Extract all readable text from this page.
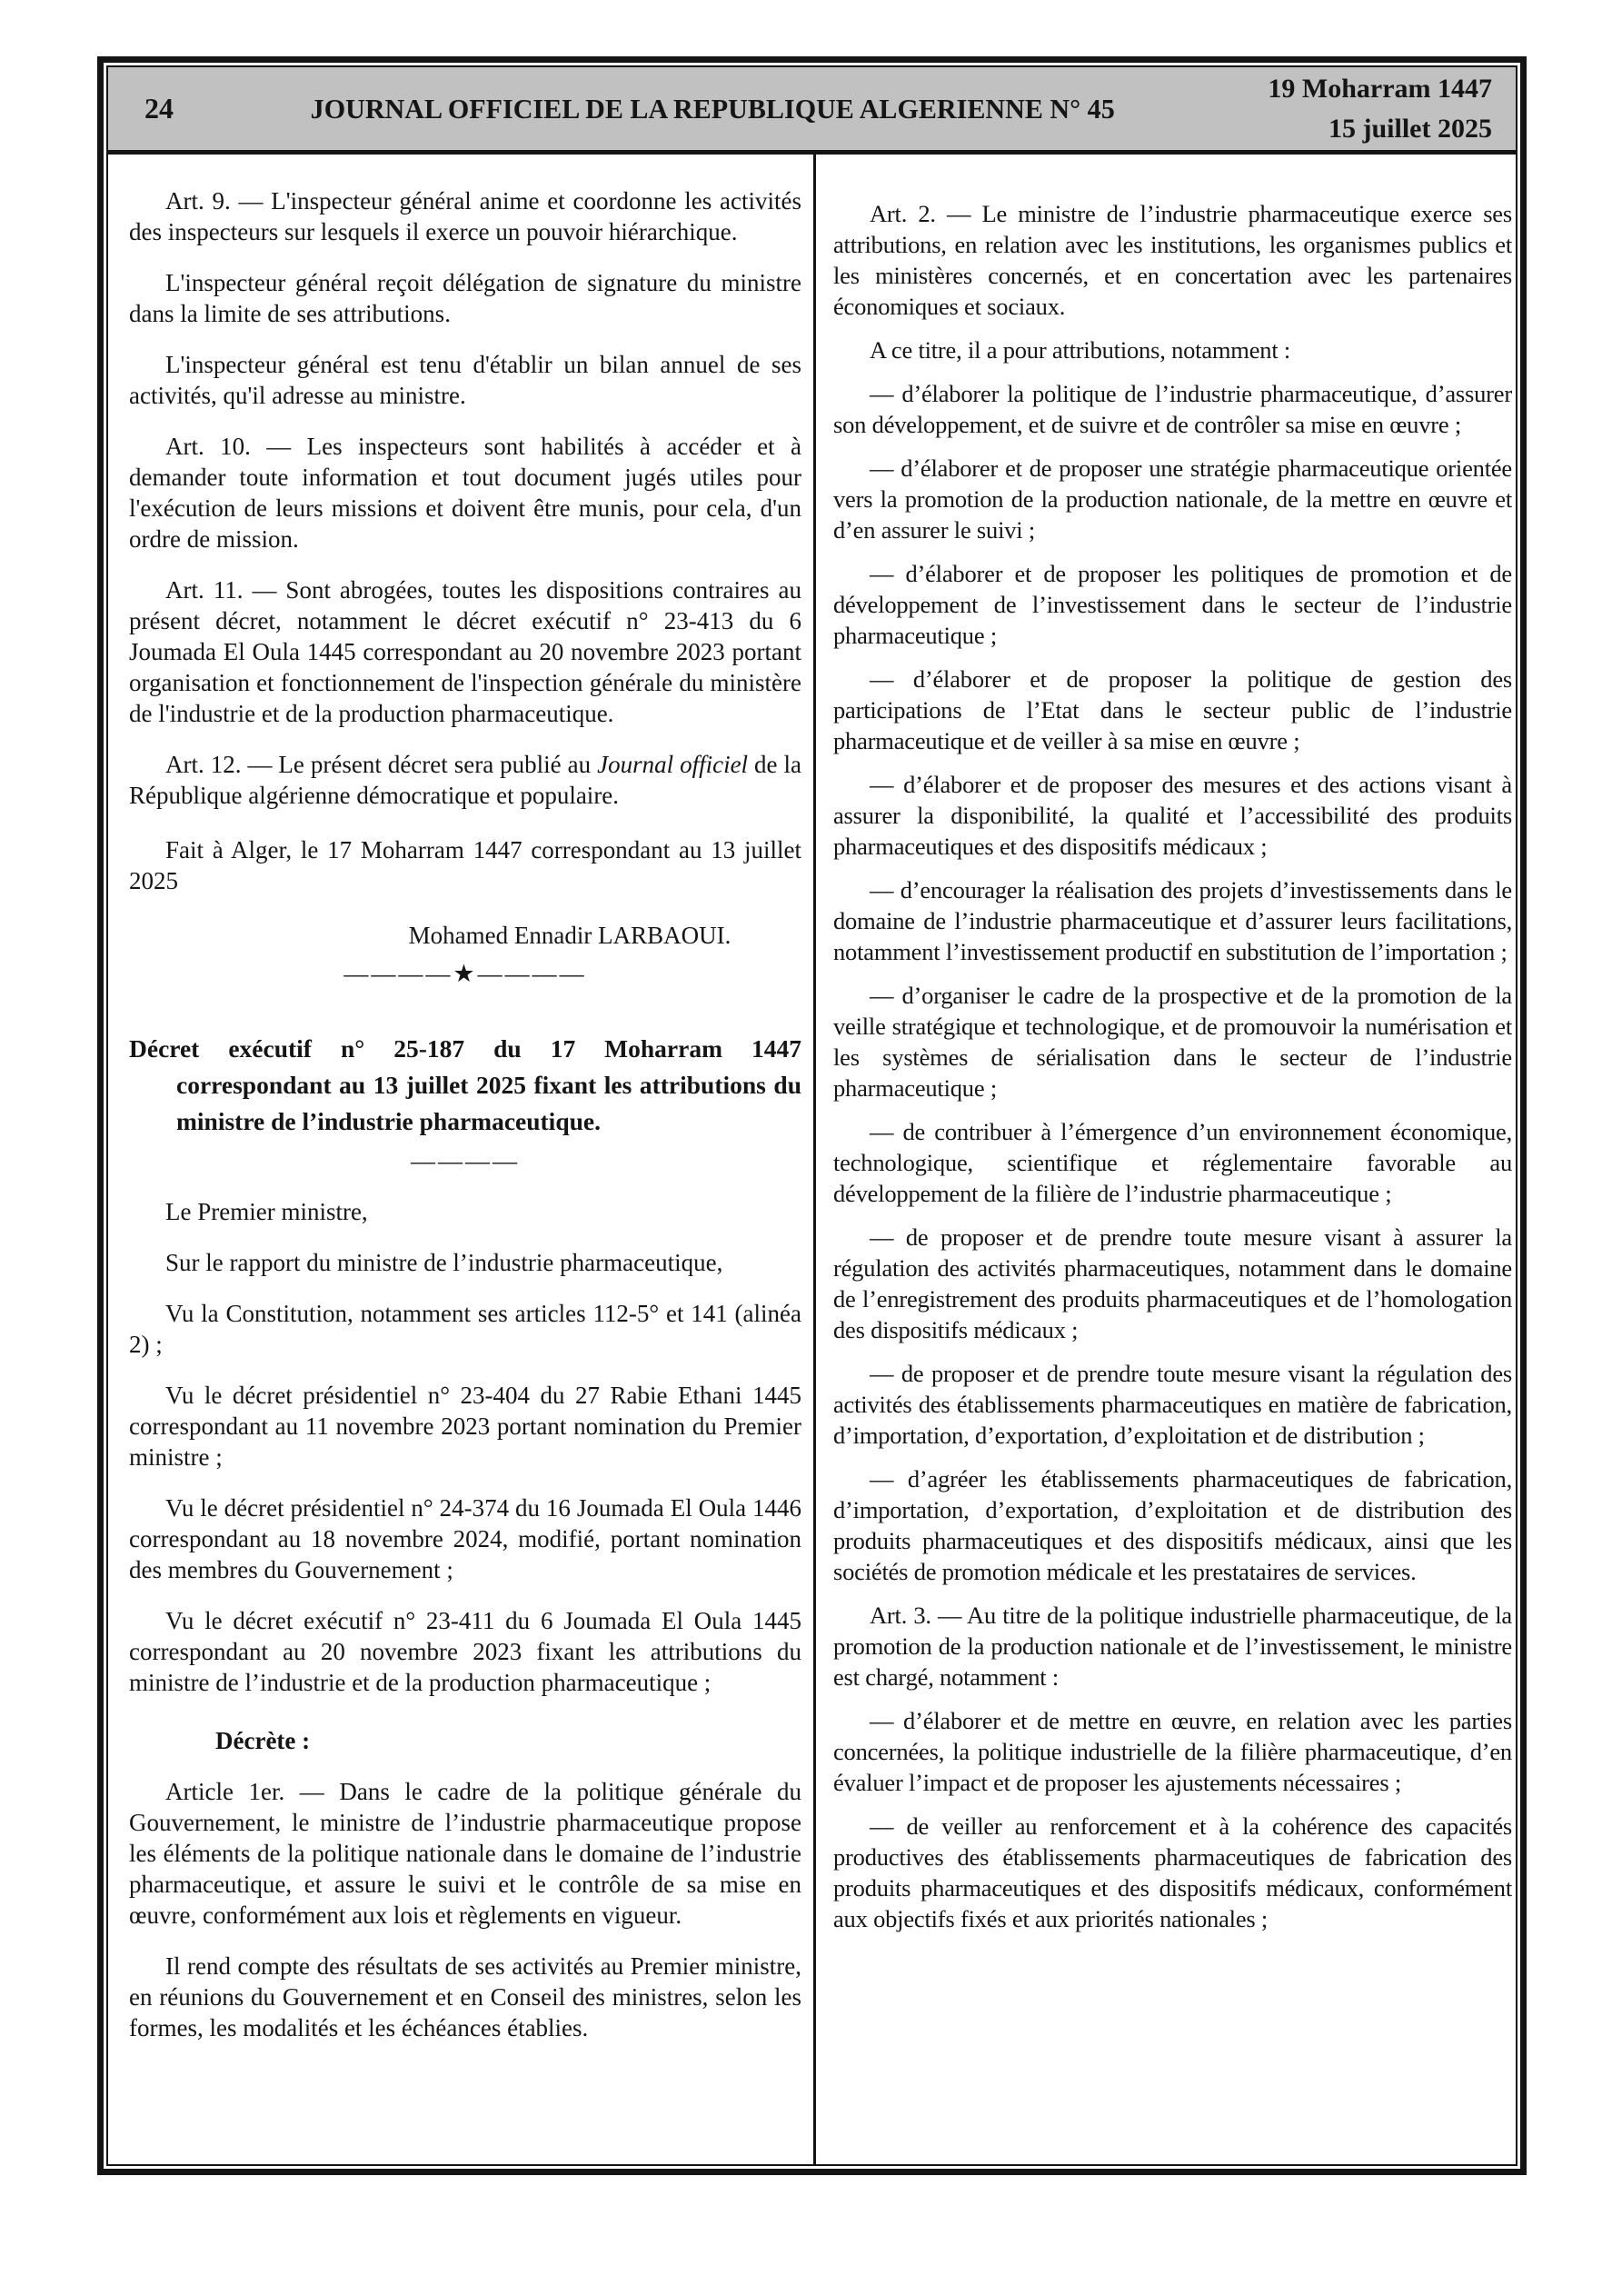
24	JOURNAL OFFICIEL DE LA REPUBLIQUE ALGERIENNE N° 45
19 Moharram 1447
15 juillet 2025

Art. 9. — L'inspecteur général anime et coordonne les activités des inspecteurs sur lesquels il exerce un pouvoir hiérarchique.

L'inspecteur général reçoit délégation de signature du ministre dans la limite de ses attributions.

L'inspecteur général est tenu d'établir un bilan annuel de ses activités, qu'il adresse au ministre.

Art. 10. — Les inspecteurs sont habilités à accéder et à demander toute information et tout document jugés utiles pour l'exécution de leurs missions et doivent être munis, pour cela, d'un ordre de mission.

Art. 11. — Sont abrogées, toutes les dispositions contraires au présent décret, notamment le décret exécutif n° 23-413 du 6 Joumada El Oula 1445 correspondant au 20 novembre 2023 portant organisation et fonctionnement de l'inspection générale du ministère de l'industrie et de la production pharmaceutique.

Art. 12. — Le présent décret sera publié au Journal officiel de la République algérienne démocratique et populaire.

Fait à Alger, le 17 Moharram 1447 correspondant au 13 juillet 2025

Mohamed Ennadir LARBAOUI.

————★————

Décret exécutif n° 25-187 du 17 Moharram 1447 correspondant au 13 juillet 2025 fixant les attributions du ministre de l’industrie pharmaceutique.

————

Le Premier ministre,

Sur le rapport du ministre de l’industrie pharmaceutique,

Vu la Constitution, notamment ses articles 112-5° et 141 (alinéa 2) ;

Vu le décret présidentiel n° 23-404 du 27 Rabie Ethani 1445 correspondant au 11 novembre 2023 portant nomination du Premier ministre ;

Vu le décret présidentiel n° 24-374 du 16 Joumada El Oula 1446 correspondant au 18 novembre 2024, modifié, portant nomination des membres du Gouvernement ;

Vu le décret exécutif n° 23-411 du 6 Joumada El Oula 1445 correspondant au 20 novembre 2023 fixant les attributions du ministre de l’industrie et de la production pharmaceutique ;

Décrète :

Article 1er. — Dans le cadre de la politique générale du Gouvernement, le ministre de l’industrie pharmaceutique propose les éléments de la politique nationale dans le domaine de l’industrie pharmaceutique, et assure le suivi et le contrôle de sa mise en œuvre, conformément aux lois et règlements en vigueur.

Il rend compte des résultats de ses activités au Premier ministre, en réunions du Gouvernement et en Conseil des ministres, selon les formes, les modalités et les échéances établies.

Art. 2. — Le ministre de l’industrie pharmaceutique exerce ses attributions, en relation avec les institutions, les organismes publics et les ministères concernés, et en concertation avec les partenaires économiques et sociaux.

A ce titre, il a pour attributions, notamment :

— d’élaborer la politique de l’industrie pharmaceutique, d’assurer son développement, et de suivre et de contrôler sa mise en œuvre ;

— d’élaborer et de proposer une stratégie pharmaceutique orientée vers la promotion de la production nationale, de la mettre en œuvre et d’en assurer le suivi ;

— d’élaborer et de proposer les politiques de promotion et de développement de l’investissement dans le secteur de l’industrie pharmaceutique ;

— d’élaborer et de proposer la politique de gestion des participations de l’Etat dans le secteur public de l’industrie pharmaceutique et de veiller à sa mise en œuvre ;

— d’élaborer et de proposer des mesures et des actions visant à assurer la disponibilité, la qualité et l’accessibilité des produits pharmaceutiques et des dispositifs médicaux ;

— d’encourager la réalisation des projets d’investissements dans le domaine de l’industrie pharmaceutique et d’assurer leurs facilitations, notamment l’investissement productif en substitution de l’importation ;

— d’organiser le cadre de la prospective et de la promotion de la veille stratégique et technologique, et de promouvoir la numérisation et les systèmes de sérialisation dans le secteur de l’industrie pharmaceutique ;

— de contribuer à l’émergence d’un environnement économique, technologique, scientifique et réglementaire favorable au développement de la filière de l’industrie pharmaceutique ;

— de proposer et de prendre toute mesure visant à assurer la régulation des activités pharmaceutiques, notamment dans le domaine de l’enregistrement des produits pharmaceutiques et de l’homologation des dispositifs médicaux ;

— de proposer et de prendre toute mesure visant la régulation des activités des établissements pharmaceutiques en matière de fabrication, d’importation, d’exportation, d’exploitation et de distribution ;

— d’agréer les établissements pharmaceutiques de fabrication, d’importation, d’exportation, d’exploitation et de distribution des produits pharmaceutiques et des dispositifs médicaux, ainsi que les sociétés de promotion médicale et les prestataires de services.

Art. 3. — Au titre de la politique industrielle pharmaceutique, de la promotion de la production nationale et de l’investissement, le ministre est chargé, notamment :

— d’élaborer et de mettre en œuvre, en relation avec les parties concernées, la politique industrielle de la filière pharmaceutique, d’en évaluer l’impact et de proposer les ajustements nécessaires ;

— de veiller au renforcement et à la cohérence des capacités productives des établissements pharmaceutiques de fabrication des produits pharmaceutiques et des dispositifs médicaux, conformément aux objectifs fixés et aux priorités nationales ;
